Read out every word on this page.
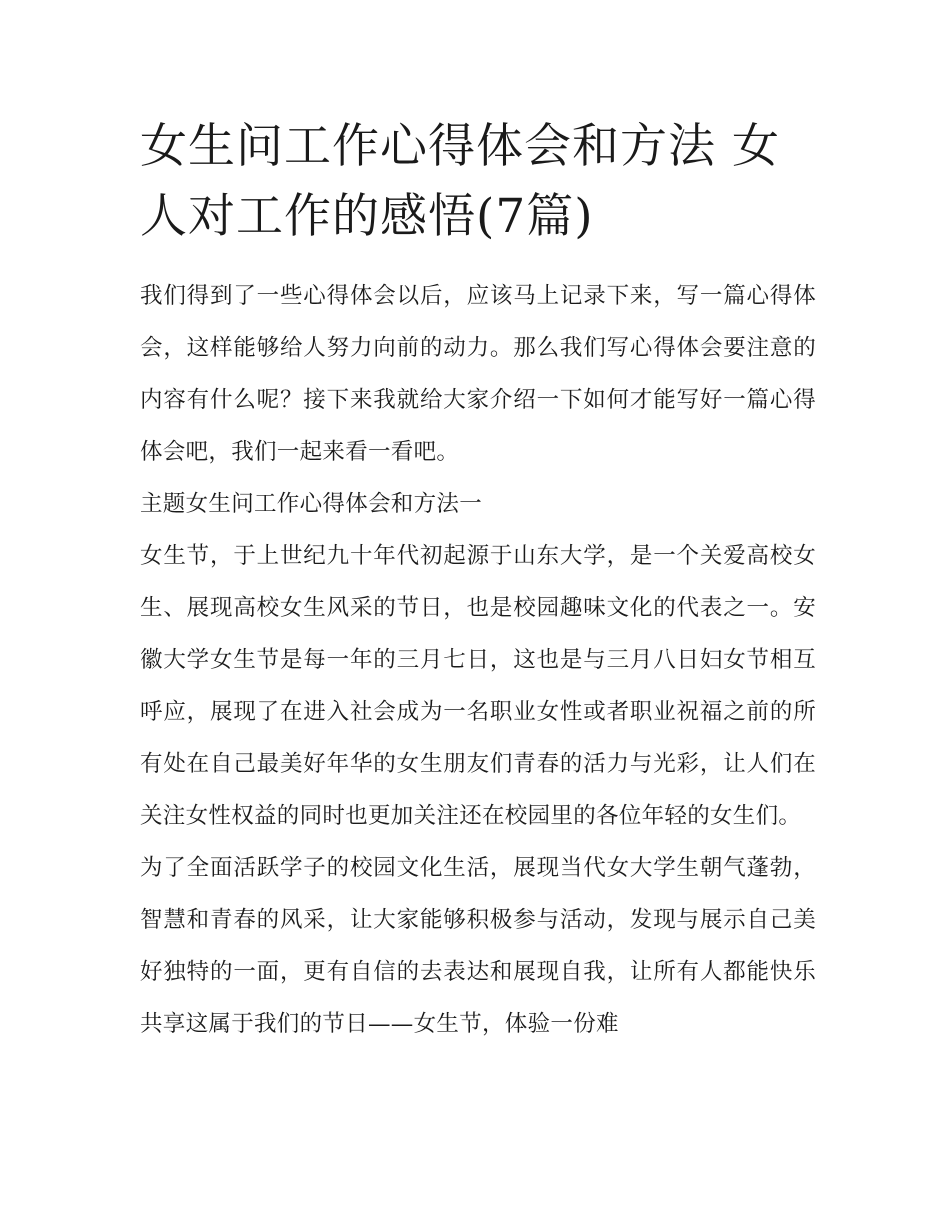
女生问工作心得体会和方法 女人对工作的感悟(7篇)

我们得到了一些心得体会以后，应该马上记录下来，写一篇心得体会，这样能够给人努力向前的动力。那么我们写心得体会要注意的内容有什么呢？接下来我就给大家介绍一下如何才能写好一篇心得体会吧，我们一起来看一看吧。

主题女生问工作心得体会和方法一

女生节，于上世纪九十年代初起源于山东大学，是一个关爱高校女生、展现高校女生风采的节日，也是校园趣味文化的代表之一。安徽大学女生节是每一年的三月七日，这也是与三月八日妇女节相互呼应，展现了在进入社会成为一名职业女性或者职业祝福之前的所有处在自己最美好年华的女生朋友们青春的活力与光彩，让人们在关注女性权益的同时也更加关注还在校园里的各位年轻的女生们。

为了全面活跃学子的校园文化生活，展现当代女大学生朝气蓬勃，智慧和青春的风采，让大家能够积极参与活动，发现与展示自己美好独特的一面，更有自信的去表达和展现自我，让所有人都能快乐共享这属于我们的节日——女生节，体验一份难
